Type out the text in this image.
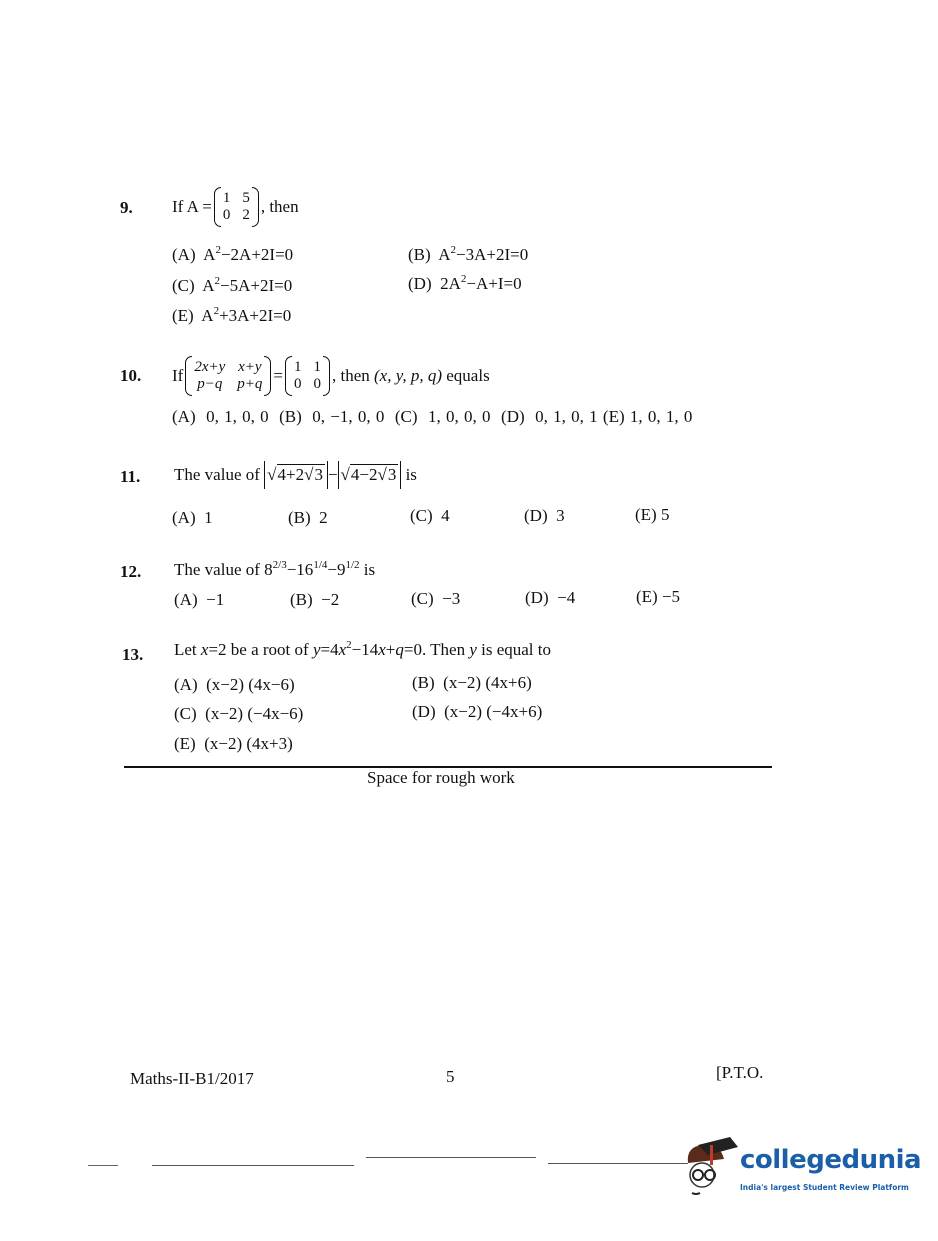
9. If A = 1 5
0 2 , then
(A) $A^2-2A+2I=0$	(B) $A^2-3A+2I=0$
(C) $A^2-5A+2I=0$	(D) $2A^2-A+I=0$
(E) $A^2+3A+2I=0$
10. If 2x+y x+y
p−q p+q = 1 1
0 0 , then (x, y, p, q) equals
(A) 0, 1, 0, 0 (B) 0, −1, 0, 0 (C) 1, 0, 0, 0 (D) 0, 1, 0, 1 (E) 1, 0, 1, 0
11. The value of
√4+2√3 − √4−2√3
is
(A) 1	(B) 2	(C) 4	(D) 3	(E) 5
12. The value of $8^{2/3}-16^{1/4}-9^{1/2}$ is
(A) −1	(B) −2	(C) −3	(D) −4	(E) −5
13. Let x=2 be a root of $y=4x^2-14x+q=0$. Then y is equal to
(A) (x−2) (4x−6)	(B) (x−2) (4x+6)
(C) (x−2) (−4x−6)	(D) (x−2) (−4x+6)
(E) (x−2) (4x+3)
Space for rough work
Maths-II-B1/2017	5	[P.T.O.
collegedunia
India's largest Student Review Platform
